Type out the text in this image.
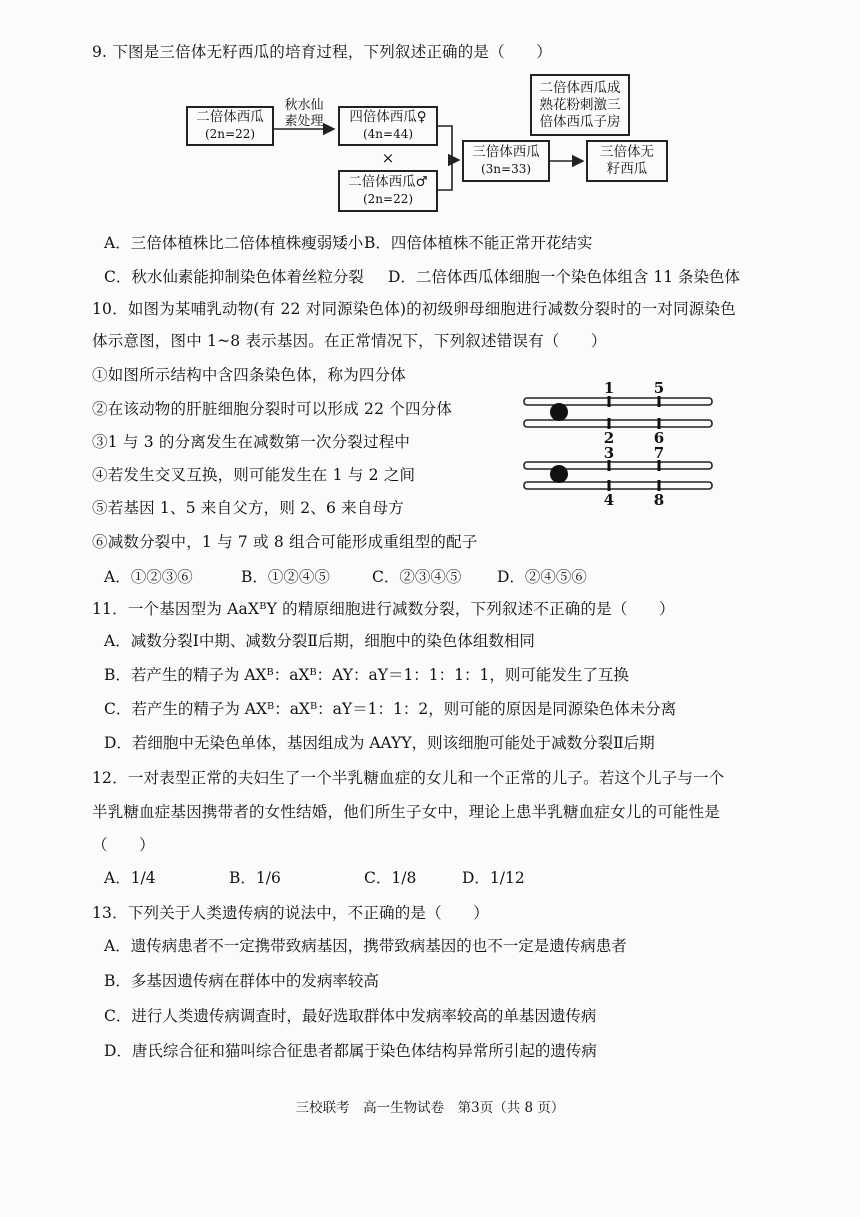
9. 下图是三倍体无籽西瓜的培育过程，下列叙述正确的是（　　）
二倍体西瓜
(2n=22)
秋水仙
素处理	四倍体西瓜♀
(4n=44)
×
二倍体西瓜♂
(2n=22)
三倍体西瓜
(3n=33)
三倍体无
籽西瓜
二倍体西瓜成
熟花粉刺激三
倍体西瓜子房
A．三倍体植株比二倍体植株瘦弱矮小 B．四倍体植株不能正常开花结实
C．秋水仙素能抑制染色体着丝粒分裂 D．二倍体西瓜体细胞一个染色体组含 11 条染色体
10．如图为某哺乳动物(有 22 对同源染色体)的初级卵母细胞进行减数分裂时的一对同源染色
体示意图，图中 1~8 表示基因。在正常情况下，下列叙述错误有（　　）
①如图所示结构中含四条染色体，称为四分体
②在该动物的肝脏细胞分裂时可以形成 22 个四分体
③1 与 3 的分离发生在减数第一次分裂过程中
④若发生交叉互换，则可能发生在 1 与 2 之间
⑤若基因 1、5 来自父方，则 2、6 来自母方
⑥减数分裂中，1 与 7 或 8 组合可能形成重组型的配子
1	5
2	6
3	7
4	8
A．①②③⑥	B．①②④⑤	C．②③④⑤ D．②④⑤⑥
11．一个基因型为 AaXᴮY 的精原细胞进行减数分裂，下列叙述不正确的是（　　）
A．减数分裂Ⅰ中期、减数分裂Ⅱ后期，细胞中的染色体组数相同
B．若产生的精子为 AXᴮ：aXᴮ：AY：aY＝1：1：1：1，则可能发生了互换
C．若产生的精子为 AXᴮ：aXᴮ：aY＝1：1：2，则可能的原因是同源染色体未分离
D．若细胞中无染色单体，基因组成为 AAYY，则该细胞可能处于减数分裂Ⅱ后期
12．一对表型正常的夫妇生了一个半乳糖血症的女儿和一个正常的儿子。若这个儿子与一个
半乳糖血症基因携带者的女性结婚，他们所生子女中，理论上患半乳糖血症女儿的可能性是
（　　）
A．1/4	B．1/6	C．1/8	D．1/12
13．下列关于人类遗传病的说法中，不正确的是（　　）
A．遗传病患者不一定携带致病基因，携带致病基因的也不一定是遗传病患者
B．多基因遗传病在群体中的发病率较高
C．进行人类遗传病调查时，最好选取群体中发病率较高的单基因遗传病
D．唐氏综合征和猫叫综合征患者都属于染色体结构异常所引起的遗传病
三校联考　高一生物试卷　第3页（共 8 页）
